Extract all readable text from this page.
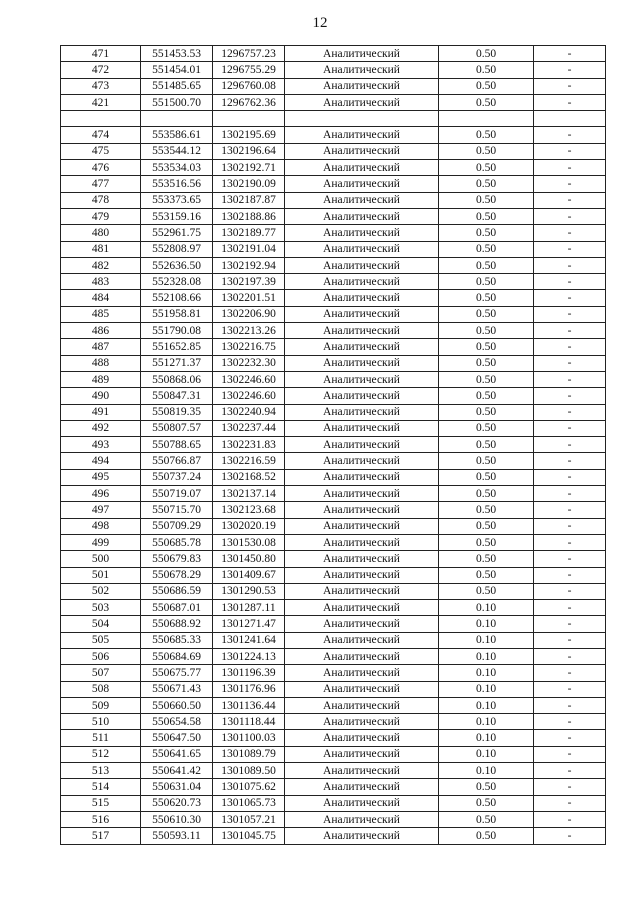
12
471	551453.53	1296757.23	Аналитический	0.50	-
472	551454.01	1296755.29	Аналитический	0.50	-
473	551485.65	1296760.08	Аналитический	0.50	-
421	551500.70	1296762.36	Аналитический	0.50	-

474	553586.61	1302195.69	Аналитический	0.50	-
475	553544.12	1302196.64	Аналитический	0.50	-
476	553534.03	1302192.71	Аналитический	0.50	-
477	553516.56	1302190.09	Аналитический	0.50	-
478	553373.65	1302187.87	Аналитический	0.50	-
479	553159.16	1302188.86	Аналитический	0.50	-
480	552961.75	1302189.77	Аналитический	0.50	-
481	552808.97	1302191.04	Аналитический	0.50	-
482	552636.50	1302192.94	Аналитический	0.50	-
483	552328.08	1302197.39	Аналитический	0.50	-
484	552108.66	1302201.51	Аналитический	0.50	-
485	551958.81	1302206.90	Аналитический	0.50	-
486	551790.08	1302213.26	Аналитический	0.50	-
487	551652.85	1302216.75	Аналитический	0.50	-
488	551271.37	1302232.30	Аналитический	0.50	-
489	550868.06	1302246.60	Аналитический	0.50	-
490	550847.31	1302246.60	Аналитический	0.50	-
491	550819.35	1302240.94	Аналитический	0.50	-
492	550807.57	1302237.44	Аналитический	0.50	-
493	550788.65	1302231.83	Аналитический	0.50	-
494	550766.87	1302216.59	Аналитический	0.50	-
495	550737.24	1302168.52	Аналитический	0.50	-
496	550719.07	1302137.14	Аналитический	0.50	-
497	550715.70	1302123.68	Аналитический	0.50	-
498	550709.29	1302020.19	Аналитический	0.50	-
499	550685.78	1301530.08	Аналитический	0.50	-
500	550679.83	1301450.80	Аналитический	0.50	-
501	550678.29	1301409.67	Аналитический	0.50	-
502	550686.59	1301290.53	Аналитический	0.50	-
503	550687.01	1301287.11	Аналитический	0.10	-
504	550688.92	1301271.47	Аналитический	0.10	-
505	550685.33	1301241.64	Аналитический	0.10	-
506	550684.69	1301224.13	Аналитический	0.10	-
507	550675.77	1301196.39	Аналитический	0.10	-
508	550671.43	1301176.96	Аналитический	0.10	-
509	550660.50	1301136.44	Аналитический	0.10	-
510	550654.58	1301118.44	Аналитический	0.10	-
511	550647.50	1301100.03	Аналитический	0.10	-
512	550641.65	1301089.79	Аналитический	0.10	-
513	550641.42	1301089.50	Аналитический	0.10	-
514	550631.04	1301075.62	Аналитический	0.50	-
515	550620.73	1301065.73	Аналитический	0.50	-
516	550610.30	1301057.21	Аналитический	0.50	-
517	550593.11	1301045.75	Аналитический	0.50	-
